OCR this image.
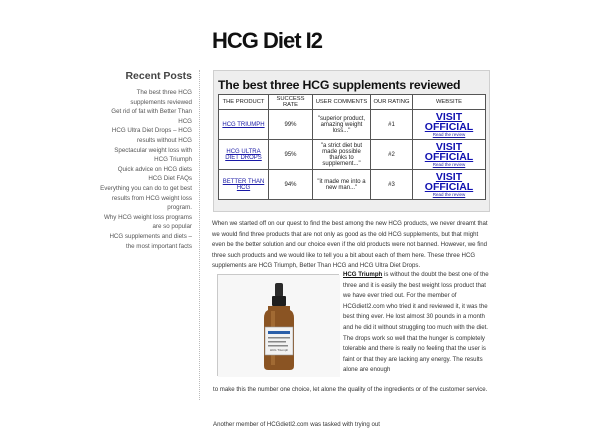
HCG Diet I2
Recent Posts
The best three HCG supplements reviewed
Get rid of fat with Better Than HCG
HCG Ultra Diet Drops – HCG results without HCG
Spectacular weight loss with HCG Triumph
Quick advice on HCG diets
HCG Diet FAQs
Everything you can do to get best results from HCG weight loss program.
Why HCG weight loss programs are so popular
HCG supplements and diets – the most important facts
The best three HCG supplements reviewed
THE PRODUCT	SUCCESS RATE	USER COMMENTS	OUR RATING	WEBSITE
HCG TRIUMPH	99%	"superior product, amazing weight loss..."	#1	VISIT OFFICIAL
Read the review

HCG ULTRA DIET DROPS	95%	"a strict diet but made possible thanks to supplement..."	#2	VISIT OFFICIAL
Read the review

BETTER THAN HCG	94%	"it made me into a new man..."	#3	VISIT OFFICIAL
Read the review

When we started off on our quest to find the best among the new HCG products, we never dreamt that we would find three products that are not only as good as the old HCG supplements, but that might even be the better solution and our choice even if the old products were not banned. However, we find three such products and we would like to tell you a bit about each of them here. These three HCG supplements are HCG Triumph, Better Than HCG and HCG Ultra Diet Drops.

HCG Triumph

HCG Triumph is without the doubt the best one of the three and it is easily the best weight loss product that we have ever tried out. For the member of HCGdietI2.com who tried it and reviewed it, it was the best thing ever. He lost almost 30 pounds in a month and he did it without struggling too much with the diet. The drops work so well that the hunger is completely tolerable and there is really no feeling that the user is faint or that they are lacking any energy. The results alone are enough

to make this the number one choice, let alone the quality of the ingredients or of the customer service.

Another member of HCGdietI2.com was tasked with trying out
